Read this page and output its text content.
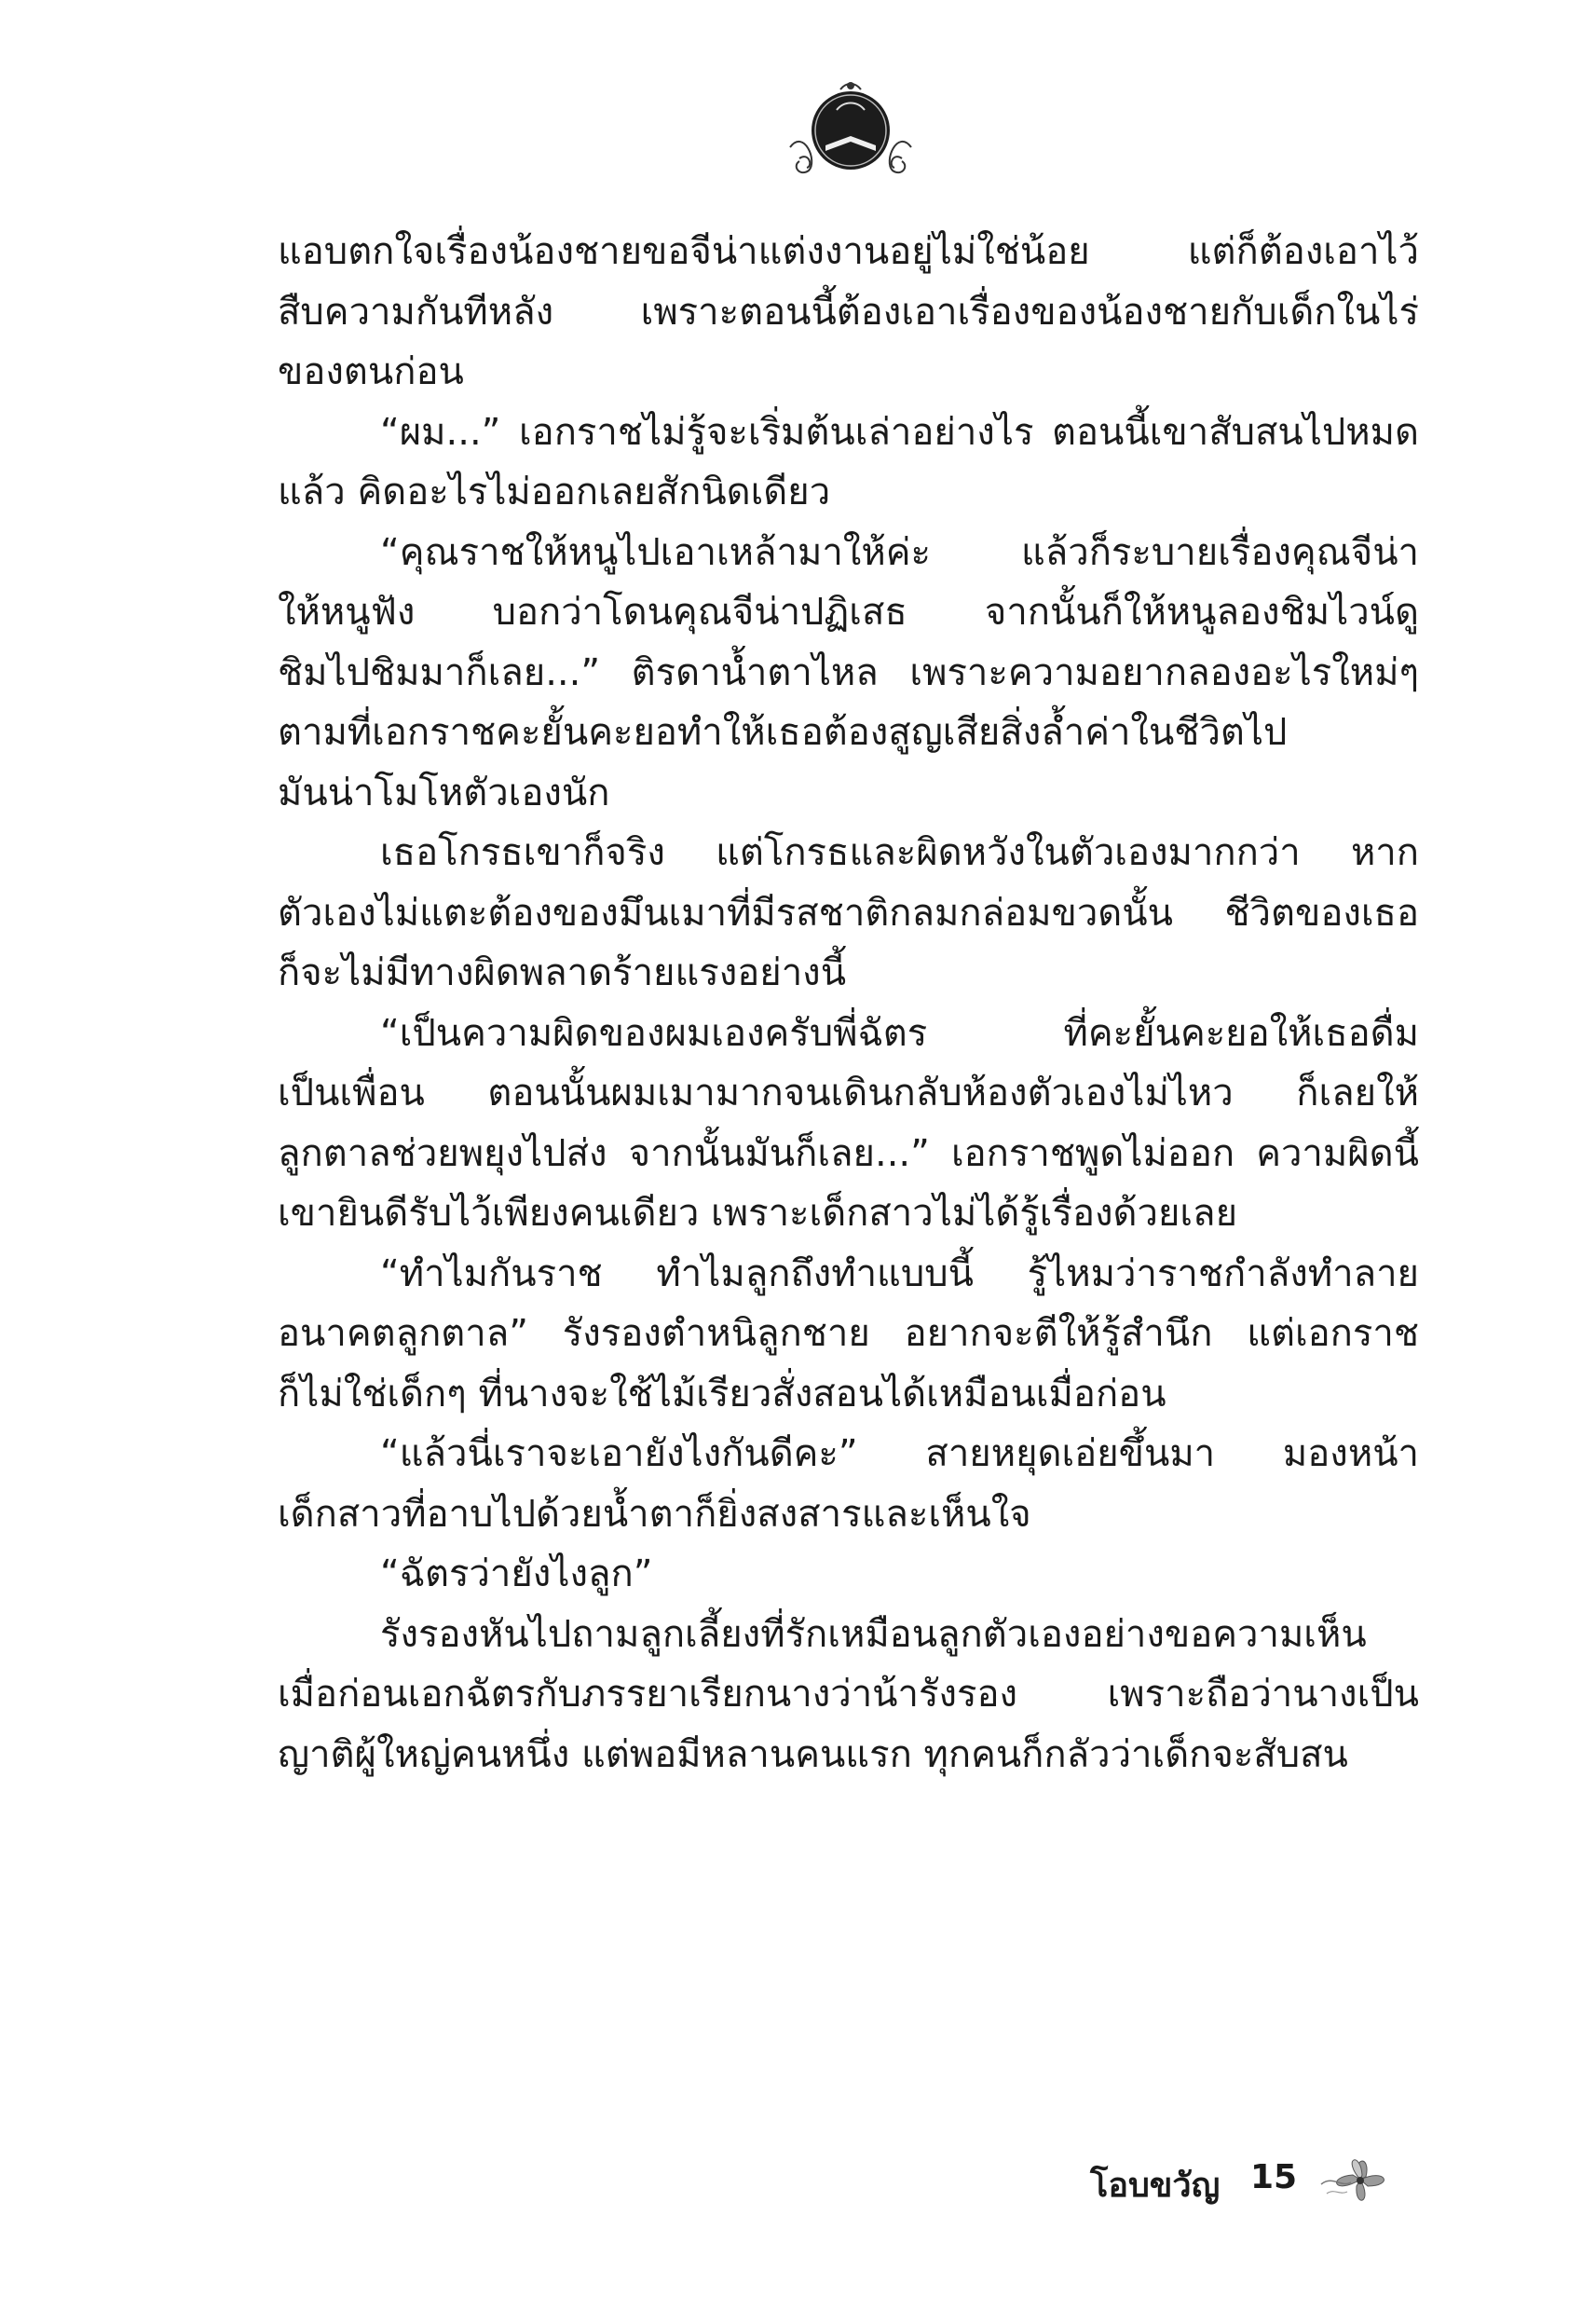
แอบตกใจเรื่องน้องชายขอจีน่าแต่งงานอยู่ไม่ใช่น้อย แต่ก็ต้องเอาไว้
สืบความกันทีหลัง เพราะตอนนี้ต้องเอาเรื่องของน้องชายกับเด็กในไร่
ของตนก่อน
“ผม...” เอกราชไม่รู้จะเริ่มต้นเล่าอย่างไร ตอนนี้เขาสับสนไปหมด
แล้ว คิดอะไรไม่ออกเลยสักนิดเดียว
“คุณราชให้หนูไปเอาเหล้ามาให้ค่ะ แล้วก็ระบายเรื่องคุณจีน่า
ให้หนูฟัง บอกว่าโดนคุณจีน่าปฏิเสธ จากนั้นก็ให้หนูลองชิมไวน์ดู
ชิมไปชิมมาก็เลย...” ติรดาน้ำตาไหล เพราะความอยากลองอะไรใหม่ๆ
ตามที่เอกราชคะยั้นคะยอทำให้เธอต้องสูญเสียสิ่งล้ำค่าในชีวิตไป
มันน่าโมโหตัวเองนัก
เธอโกรธเขาก็จริง แต่โกรธและผิดหวังในตัวเองมากกว่า หาก
ตัวเองไม่แตะต้องของมึนเมาที่มีรสชาติกลมกล่อมขวดนั้น ชีวิตของเธอ
ก็จะไม่มีทางผิดพลาดร้ายแรงอย่างนี้
“เป็นความผิดของผมเองครับพี่ฉัตร ที่คะยั้นคะยอให้เธอดื่ม
เป็นเพื่อน ตอนนั้นผมเมามากจนเดินกลับห้องตัวเองไม่ไหว ก็เลยให้
ลูกตาลช่วยพยุงไปส่ง จากนั้นมันก็เลย...” เอกราชพูดไม่ออก ความผิดนี้
เขายินดีรับไว้เพียงคนเดียว เพราะเด็กสาวไม่ได้รู้เรื่องด้วยเลย
“ทำไมกันราช ทำไมลูกถึงทำแบบนี้ รู้ไหมว่าราชกำลังทำลาย
อนาคตลูกตาล” รังรองตำหนิลูกชาย อยากจะตีให้รู้สำนึก แต่เอกราช
ก็ไม่ใช่เด็กๆ ที่นางจะใช้ไม้เรียวสั่งสอนได้เหมือนเมื่อก่อน
“แล้วนี่เราจะเอายังไงกันดีคะ” สายหยุดเอ่ยขึ้นมา มองหน้า
เด็กสาวที่อาบไปด้วยน้ำตาก็ยิ่งสงสารและเห็นใจ
“ฉัตรว่ายังไงลูก”
รังรองหันไปถามลูกเลี้ยงที่รักเหมือนลูกตัวเองอย่างขอความเห็น
เมื่อก่อนเอกฉัตรกับภรรยาเรียกนางว่าน้ารังรอง เพราะถือว่านางเป็น
ญาติผู้ใหญ่คนหนึ่ง แต่พอมีหลานคนแรก ทุกคนก็กลัวว่าเด็กจะสับสน
โอบขวัญ 15
